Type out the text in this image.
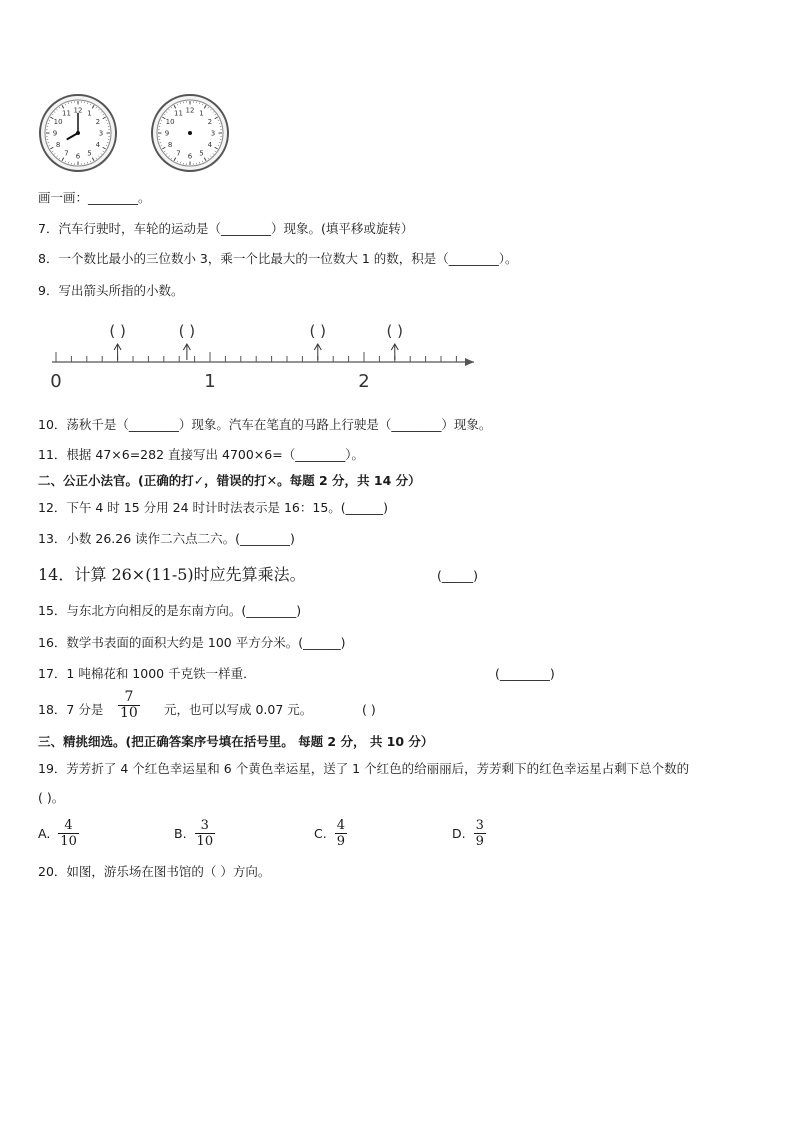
12 1
2
3
4
5
6
7
8
9
10
11	12 1
2
3
4
5
6
7
8
9
10
11
画一画：________。
7．汽车行驶时，车轮的运动是（________）现象。(填平移或旋转）
8．一个数比最小的三位数小 3，乘一个比最大的一位数大 1 的数，积是（________）。
9．写出箭头所指的小数。
0	1	2
( )	( )	( )	( )
10．荡秋千是（________）现象。汽车在笔直的马路上行驶是（________）现象。
11．根据 47×6=282 直接写出 4700×6=（________）。
二、公正小法官。(正确的打✓，错误的打✕。每题 2 分，共 14 分）
12．下午 4 时 15 分用 24 时计时法表示是 16：15。(______)
13．小数 26.26 读作二六点二六。(________)
14．计算 26×(11-5)时应先算乘法。	(_____)
15．与东北方向相反的是东南方向。(________)
16．数学书表面的面积大约是 100 平方分米。(______)
17．1 吨棉花和 1000 千克铁一样重．	(________)
18．7 分是 $\frac{7}{10}$ 元，也可以写成 0.07 元。	( )
三、精挑细选。(把正确答案序号填在括号里。 每题 2 分， 共 10 分）
19．芳芳折了 4 个红色幸运星和 6 个黄色幸运星，送了 1 个红色的给丽丽后，芳芳剩下的红色幸运星占剩下总个数的
( )。
A. $\frac{4}{10}$	B. $\frac{3}{10}$	C. $\frac{4}{9}$	D. $\frac{3}{9}$
20．如图，游乐场在图书馆的（ ）方向。
